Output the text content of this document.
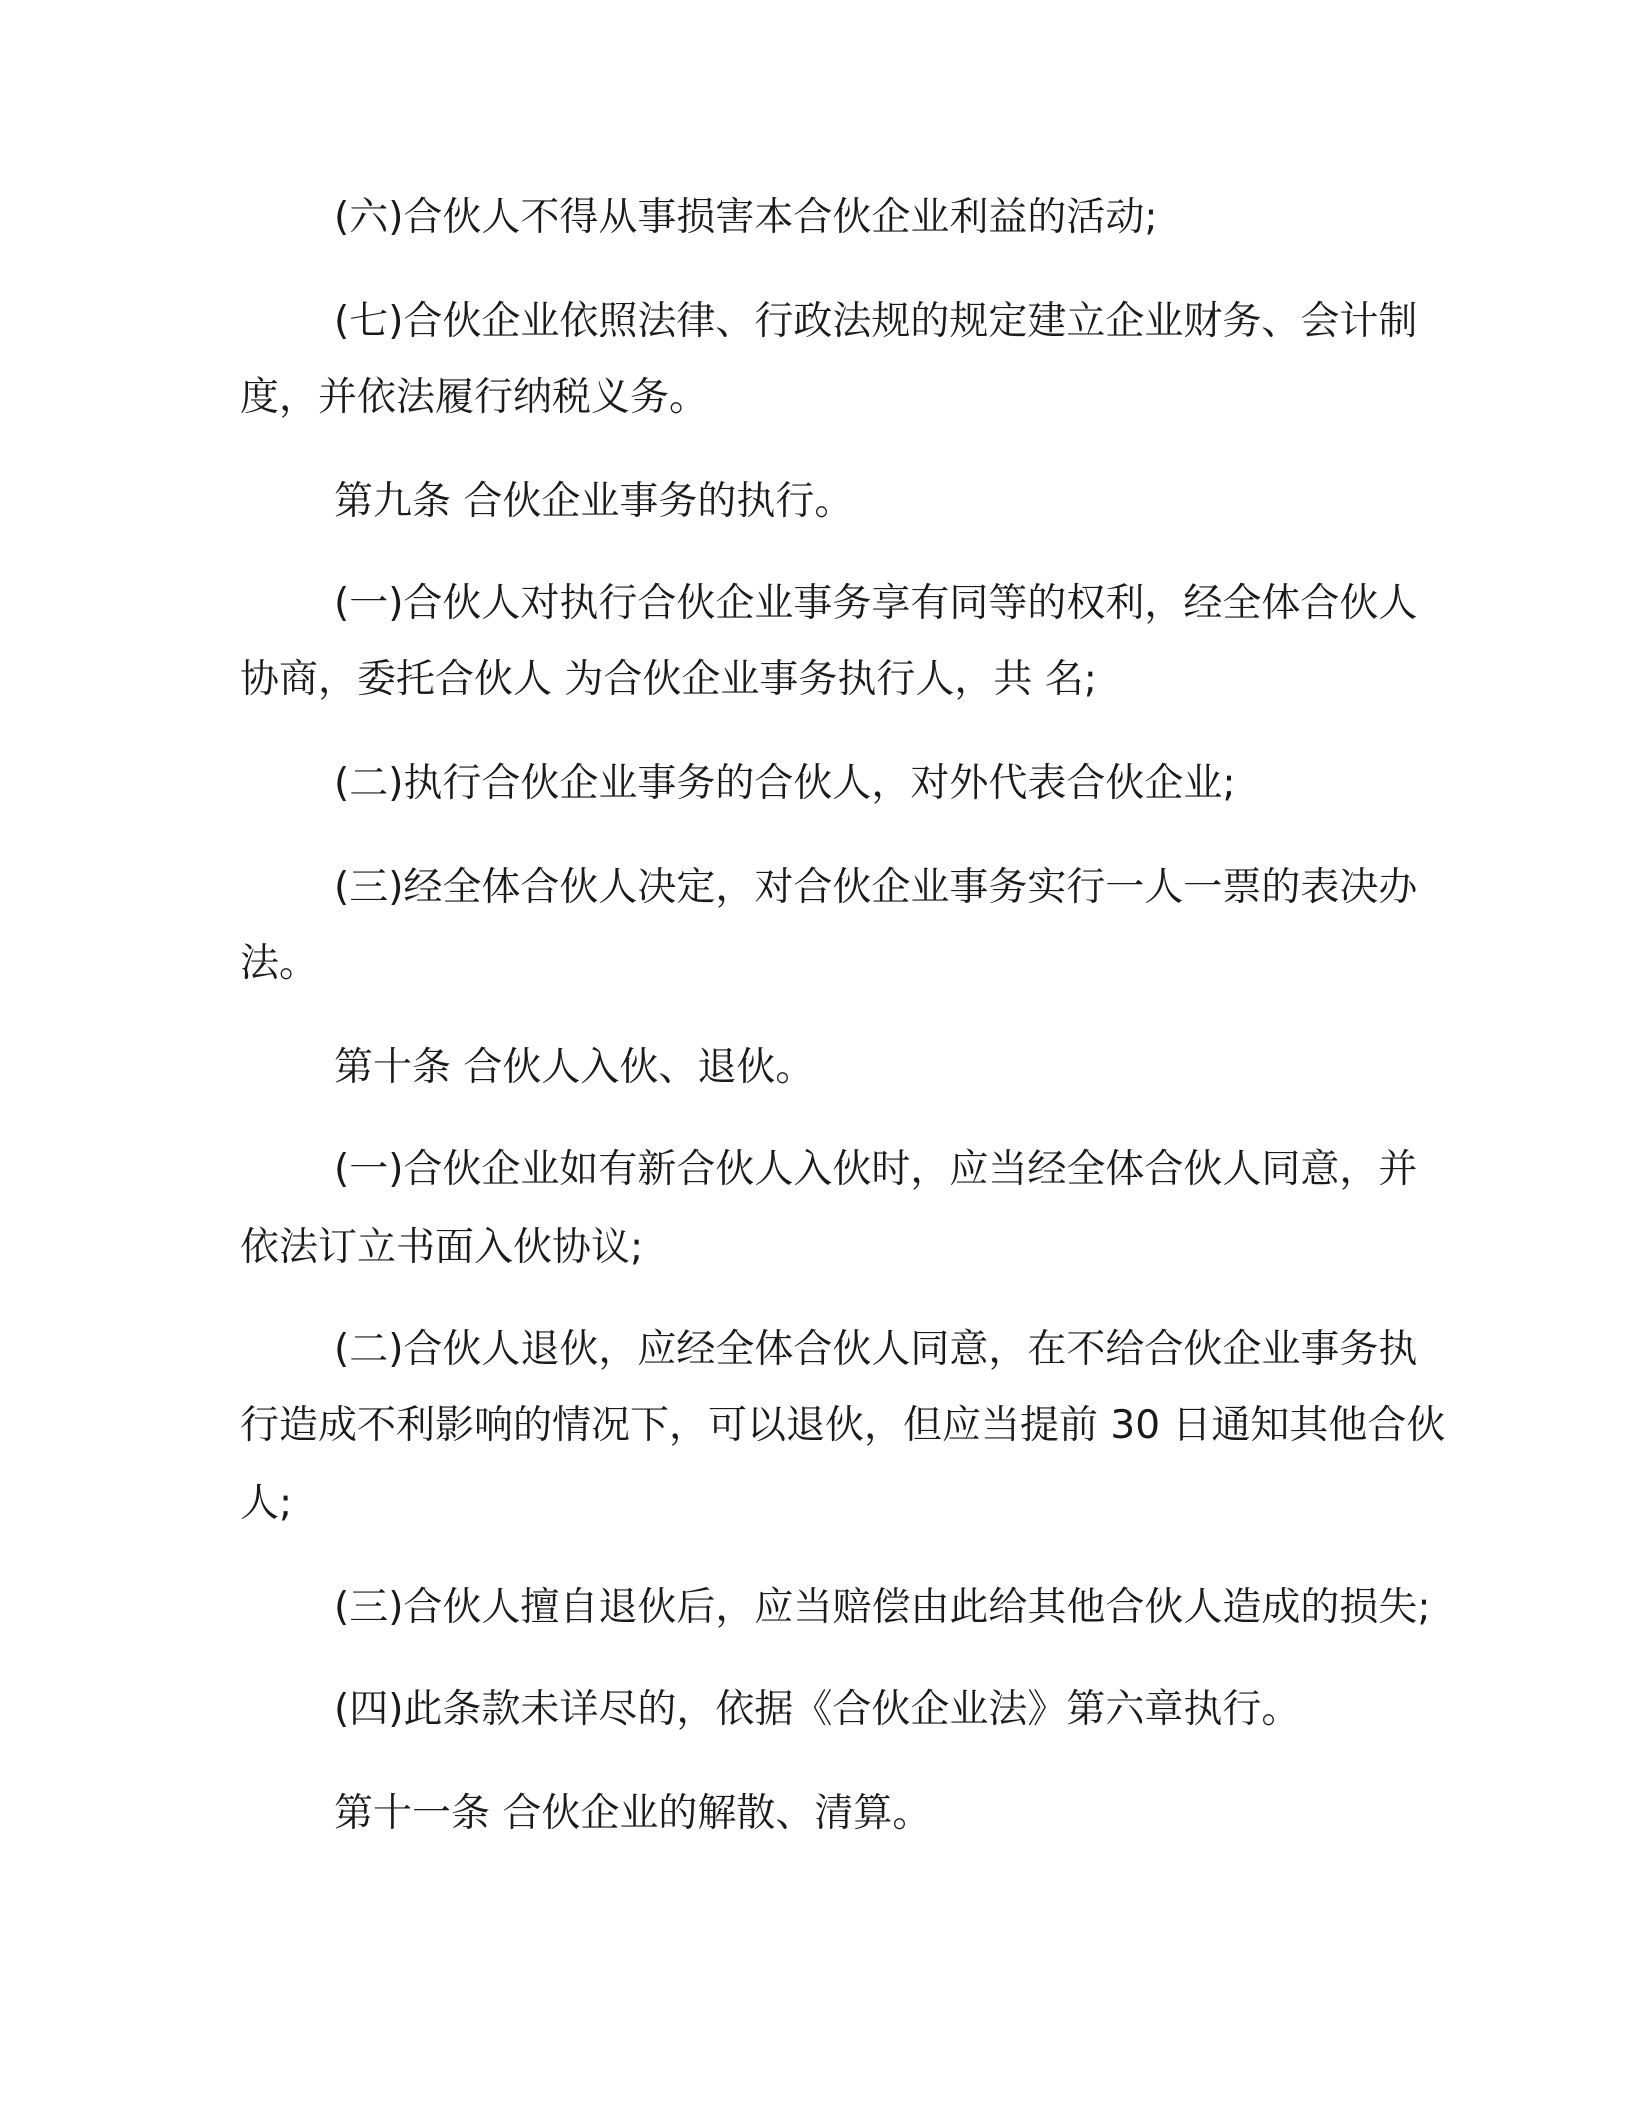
(六)合伙人不得从事损害本合伙企业利益的活动;

(七)合伙企业依照法律、行政法规的规定建立企业财务、会计制

度，并依法履行纳税义务。

第九条 合伙企业事务的执行。

(一)合伙人对执行合伙企业事务享有同等的权利，经全体合伙人

协商，委托合伙人 为合伙企业事务执行人，共 名;

(二)执行合伙企业事务的合伙人，对外代表合伙企业;

(三)经全体合伙人决定，对合伙企业事务实行一人一票的表决办

法。

第十条 合伙人入伙、退伙。

(一)合伙企业如有新合伙人入伙时，应当经全体合伙人同意，并

依法订立书面入伙协议;

(二)合伙人退伙，应经全体合伙人同意，在不给合伙企业事务执

行造成不利影响的情况下，可以退伙，但应当提前 30 日通知其他合伙

人;

(三)合伙人擅自退伙后，应当赔偿由此给其他合伙人造成的损失;

(四)此条款未详尽的，依据《合伙企业法》第六章执行。

第十一条 合伙企业的解散、清算。
